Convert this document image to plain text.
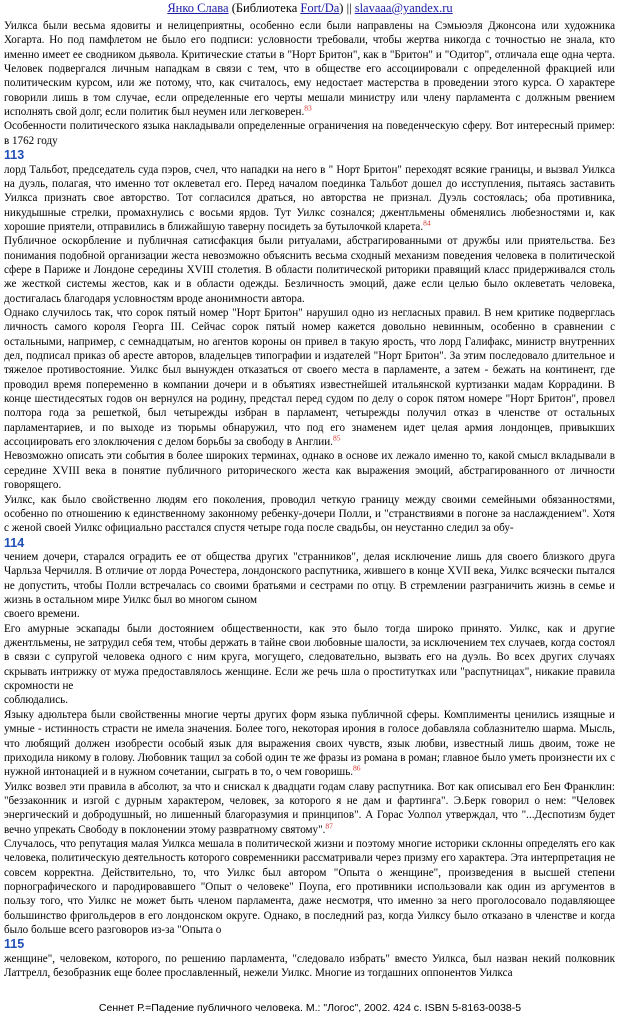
Янко Слава (Библиотека Fort/Da) || slavaaa@yandex.ru

Уилкса были весьма ядовиты и нелицеприятны, особенно если были направлены на Сэмьюэля Джонсона или художника Хогарта. Но под памфлетом не было его подписи: условности требовали, чтобы жертва никогда с точностью не знала, кто именно имеет ее сводником дьявола. Критические статьи в "Норт Бритон", как в "Бритон" и "Одитор", отличала еще одна черта. Человек подвергался личным нападкам в связи с тем, что в обществе его ассоциировали с определенной фракцией или политическим курсом, или же потому, что, как считалось, ему недостает мастерства в проведении этого курса. О характере говорили лишь в том случае, если определенные его черты мешали министру или члену парламента с должным рвением исполнять свой долг, если политик был неумен или легковерен.$^{83}$

Особенности политического языка накладывали определенные ограничения на поведенческую сферу. Вот интересный пример: в 1762 году

113

лорд Тальбот, председатель суда пэров, счел, что нападки на него в " Норт Бритон" переходят всякие границы, и вызвал Уилкса на дуэль, полагая, что именно тот оклеветал его. Перед началом поединка Тальбот дошел до исступления, пытаясь заставить Уилкса признать свое авторство. Тот согласился драться, но авторства не признал. Дуэль состоялась; оба противника, никудышные стрелки, промахнулись с восьми ярдов. Тут Уилкс сознался; джентльмены обменялись любезностями и, как хорошие приятели, отправились в ближайшую таверну посидеть за бутылочкой кларета.$^{84}$

Публичное оскорбление и публичная сатисфакция были ритуалами, абстрагированными от дружбы или приятельства. Без понимания подобной организации жеста невозможно объяснить весьма сходный механизм поведения человека в политической сфере в Париже и Лондоне середины XVIII столетия. В области политической риторики правящий класс придерживался столь же жесткой системы жестов, как и в области одежды. Безличность эмоций, даже если целью было оклеветать человека, достигалась благодаря условностям вроде анонимности автора.

Однако случилось так, что сорок пятый номер "Норт Бритон" нарушил одно из негласных правил. В нем критике подверглась личность самого короля Георга III. Сейчас сорок пятый номер кажется довольно невинным, особенно в сравнении с остальными, например, с семнадцатым, но агентов короны он привел в такую ярость, что лорд Галифакс, министр внутренних дел, подписал приказ об аресте авторов, владельцев типографии и издателей "Норт Бритон". За этим последовало длительное и тяжелое противостояние. Уилкс был вынужден отказаться от своего места в парламенте, а затем - бежать на континент, где проводил время попеременно в компании дочери и в объятиях известнейшей итальянской куртизанки мадам Коррадини. В конце шестидесятых годов он вернулся на родину, предстал перед судом по делу о сорок пятом номере "Норт Бритон", провел полтора года за решеткой, был четырежды избран в парламент, четырежды получил отказ в членстве от остальных парламентариев, и по выходе из тюрьмы обнаружил, что под его знаменем идет целая армия лондонцев, привыкших ассоциировать его злоключения с делом борьбы за свободу в Англии.$^{85}$

Невозможно описать эти события в более широких терминах, однако в основе их лежало именно то, какой смысл вкладывали в середине XVIII века в понятие публичного риторического жеста как выражения эмоций, абстрагированного от личности говорящего.

Уилкс, как было свойственно людям его поколения, проводил четкую границу между своими семейными обязанностями, особенно по отношению к единственному законному ребенку-дочери Полли, и "странствиями в погоне за наслаждением". Хотя с женой своей Уилкс официально расстался спустя четыре года после свадьбы, он неустанно следил за обу-

114

чением дочери, старался оградить ее от общества других "странников", делая исключение лишь для своего близкого друга Чарльза Черчилля. В отличие от лорда Рочестера, лондонского распутника, жившего в конце XVII века, Уилкс всячески пытался не допустить, чтобы Полли встречалась со своими братьями и сестрами по отцу. В стремлении разграничить жизнь в семье и жизнь в остальном мире Уилкс был во многом сыном

своего времени.

Его амурные эскапады были достоянием общественности, как это было тогда широко принято. Уилкс, как и другие джентльмены, не затрудил себя тем, чтобы держать в тайне свои любовные шалости, за исключением тех случаев, когда состоял в связи с супругой человека одного с ним круга, могущего, следовательно, вызвать его на дуэль. Во всех других случаях скрывать интрижку от мужа предоставлялось женщине. Если же речь шла о проститутках или "распутницах", никакие правила скромности не

соблюдались.

Языку адюльтера были свойственны многие черты других форм языка публичной сферы. Комплименты ценились изящные и умные - истинность страсти не имела значения. Более того, некоторая ирония в голосе добавляла соблазнителю шарма. Мысль, что любящий должен изобрести особый язык для выражения своих чувств, язык любви, известный лишь двоим, тоже не приходила никому в голову. Любовник тащил за собой один те же фразы из романа в роман; главное было уметь произнести их с нужной интонацией и в нужном сочетании, сыграть в то, о чем говоришь.$^{86}$

Уилкс возвел эти правила в абсолют, за что и снискал к двадцати годам славу распутника. Вот как описывал его Бен Франклин: "беззаконник и изгой с дурным характером, человек, за которого я не дам и фартинга". Э.Берк говорил о нем: "Человек энергический и добродушный, но лишенный благоразумия и принципов". А Горас Уолпол утверждал, что "...Деспотизм будет вечно упрекать Свободу в поклонении этому развратному святому".$^{87}$

Случалось, что репутация малая Уилкса мешала в политической жизни и поэтому многие историки склонны определять его как человека, политическую деятельность которого современники рассматривали через призму его характера. Эта интерпретация не совсем корректна. Действительно, то, что Уилкс был автором "Опыта о женщине", произведения в высшей степени порнографического и пародировавшего "Опыт о человеке" Поупа, его противники использовали как один из аргументов в пользу того, что Уилкс не может быть членом парламента, даже несмотря, что именно за него проголосовало подавляющее большинство фригольдеров в его лондонском округе. Однако, в последний раз, когда Уилксу было отказано в членстве и когда было больше всего разговоров из-за "Опыта о

115

женщине", человеком, которого, по решению парламента, "следовало избрать" вместо Уилкса, был назван некий полковник Латтрелл, безобразник еще более прославленный, нежели Уилкс. Многие из тогдашних оппонентов Уилкса

Сеннет Р.=Падение публичного человека. М.: "Логос", 2002. 424 с. ISBN 5-8163-0038-5
